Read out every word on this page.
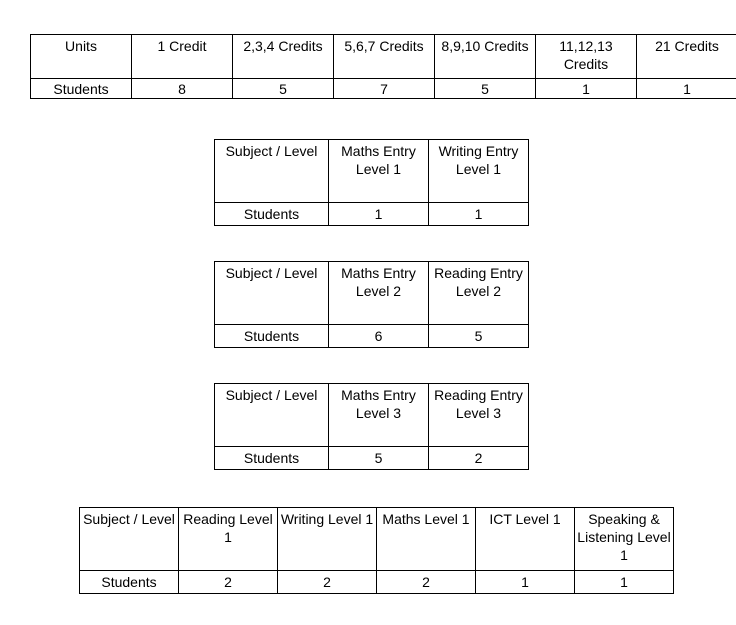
Units	1 Credit	2,3,4 Credits	5,6,7 Credits	8,9,10 Credits	11,12,13 Credits	21 Credits
Students	8	5	7	5	1	1
Subject / Level	Maths Entry Level 1	Writing Entry Level 1
Students	1	1
Subject / Level	Maths Entry Level 2	Reading Entry Level 2
Students	6	5
Subject / Level	Maths Entry Level 3	Reading Entry Level 3
Students	5	2
Subject / Level	Reading Level 1	Writing Level 1	Maths Level 1	ICT Level 1	Speaking & Listening Level 1
Students	2	2	2	1	1
